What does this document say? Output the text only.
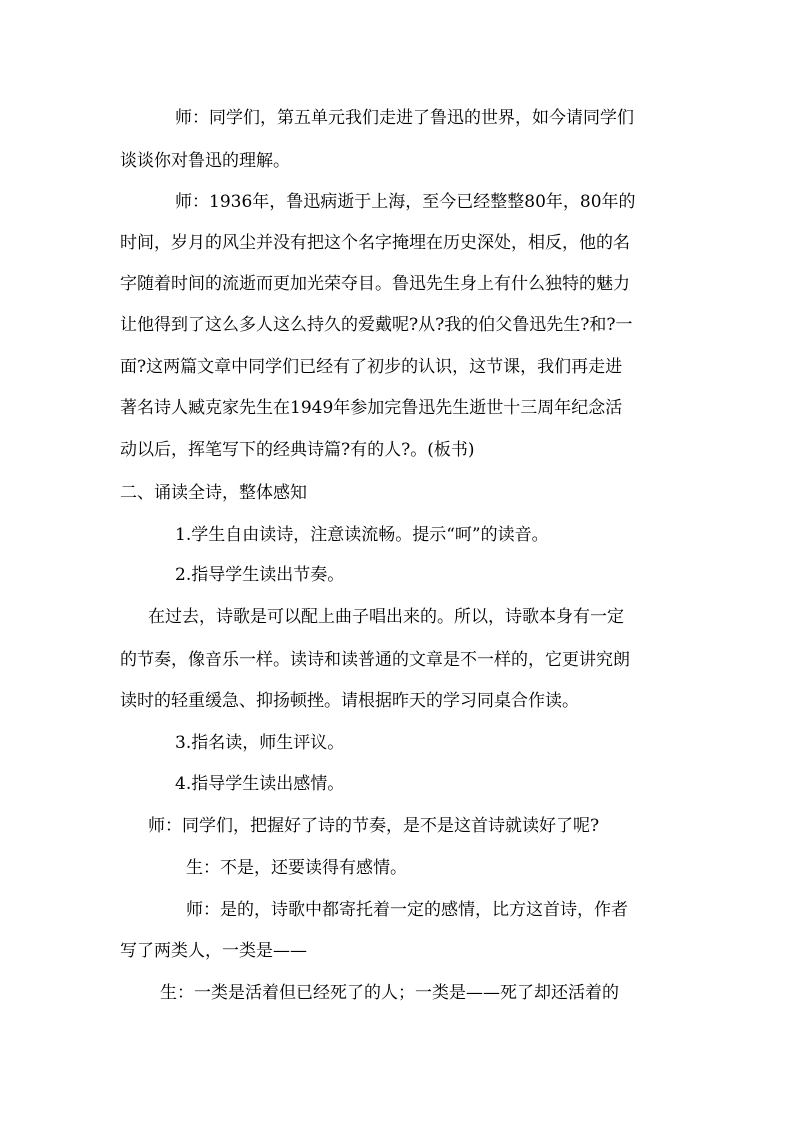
师：同学们，第五单元我们走进了鲁迅的世界，如今请同学们
谈谈你对鲁迅的理解。
师：1936年，鲁迅病逝于上海，至今已经整整80年，80年的
时间，岁月的风尘并没有把这个名字掩埋在历史深处，相反，他的名
字随着时间的流逝而更加光荣夺目。鲁迅先生身上有什么独特的魅力
让他得到了这么多人这么持久的爱戴呢?从?我的伯父鲁迅先生?和?一
面?这两篇文章中同学们已经有了初步的认识，这节课，我们再走进
著名诗人臧克家先生在1949年参加完鲁迅先生逝世十三周年纪念活
动以后，挥笔写下的经典诗篇?有的人?。(板书)
二、诵读全诗，整体感知
1.学生自由读诗，注意读流畅。提示“呵”的读音。
2.指导学生读出节奏。
在过去，诗歌是可以配上曲子唱出来的。所以，诗歌本身有一定
的节奏，像音乐一样。读诗和读普通的文章是不一样的，它更讲究朗
读时的轻重缓急、抑扬顿挫。请根据昨天的学习同桌合作读。
3.指名读，师生评议。
4.指导学生读出感情。
师：同学们，把握好了诗的节奏，是不是这首诗就读好了呢?
生：不是，还要读得有感情。
师：是的，诗歌中都寄托着一定的感情，比方这首诗，作者
写了两类人，一类是——
生：一类是活着但已经死了的人；一类是——死了却还活着的
